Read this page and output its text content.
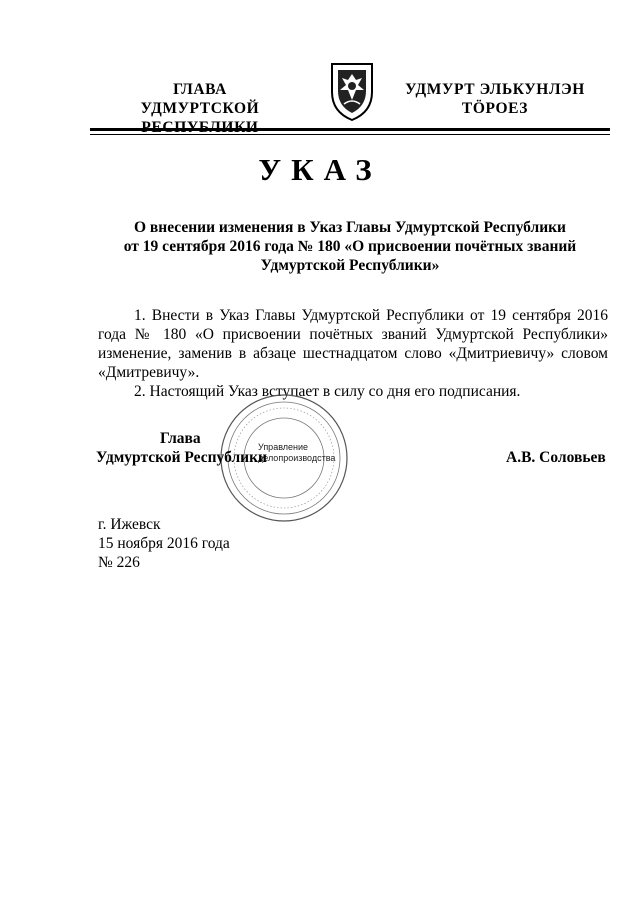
ГЛАВА
УДМУРТСКОЙ
УДМУРТ ЭЛЬКУНЛЭН
ТӦРОЕЗ
УКАЗ
О внесении изменения в Указ Главы Удмуртской Республики
от 19 сентября 2016 года № 180 «О присвоении почётных званий
Удмуртской Республики»

1. Внести в Указ Главы Удмуртской Республики от 19 сентября 2016 года № 180 «О присвоении почётных званий Удмуртской Республики» изменение, заменив в абзаце шестнадцатом слово «Дмитриевичу» словом «Дмитревичу».

2. Настоящий Указ вступает в силу со дня его подписания.

Управление
делопроизводства
Глава
Удмуртской Республики	А.В. Соловьев
г. Ижевск
15 ноября 2016 года
№ 226
